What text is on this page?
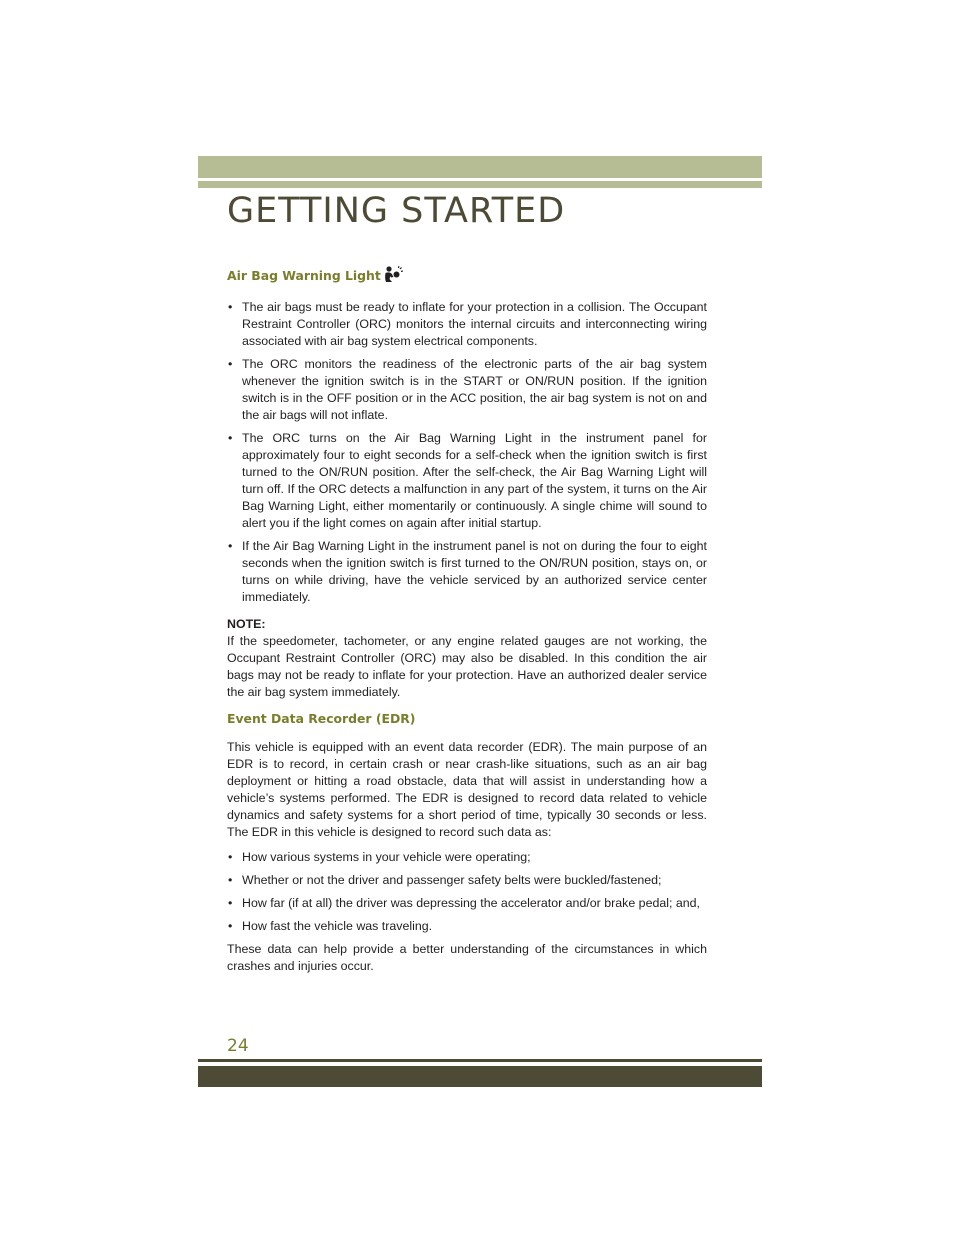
GETTING STARTED
Air Bag Warning Light
• The air bags must be ready to inflate for your protection in a collision. The Occupant Restraint Controller (ORC) monitors the internal circuits and interconnecting wiring associated with air bag system electrical components.
• The ORC monitors the readiness of the electronic parts of the air bag system whenever the ignition switch is in the START or ON/RUN position. If the ignition switch is in the OFF position or in the ACC position, the air bag system is not on and the air bags will not inflate.
• The ORC turns on the Air Bag Warning Light in the instrument panel for approximately four to eight seconds for a self-check when the ignition switch is first turned to the ON/RUN position. After the self-check, the Air Bag Warning Light will turn off. If the ORC detects a malfunction in any part of the system, it turns on the Air Bag Warning Light, either momentarily or continuously. A single chime will sound to alert you if the light comes on again after initial startup.
• If the Air Bag Warning Light in the instrument panel is not on during the four to eight seconds when the ignition switch is first turned to the ON/RUN position, stays on, or turns on while driving, have the vehicle serviced by an authorized service center immediately.
NOTE:

If the speedometer, tachometer, or any engine related gauges are not working, the Occupant Restraint Controller (ORC) may also be disabled. In this condition the air bags may not be ready to inflate for your protection. Have an authorized dealer service the air bag system immediately.

Event Data Recorder (EDR)

This vehicle is equipped with an event data recorder (EDR). The main purpose of an EDR is to record, in certain crash or near crash-like situations, such as an air bag deployment or hitting a road obstacle, data that will assist in understanding how a vehicle’s systems performed. The EDR is designed to record data related to vehicle dynamics and safety systems for a short period of time, typically 30 seconds or less. The EDR in this vehicle is designed to record such data as:

• How various systems in your vehicle were operating;
• Whether or not the driver and passenger safety belts were buckled/fastened;
• How far (if at all) the driver was depressing the accelerator and/or brake pedal; and,
• How fast the vehicle was traveling.

These data can help provide a better understanding of the circumstances in which crashes and injuries occur.

24
